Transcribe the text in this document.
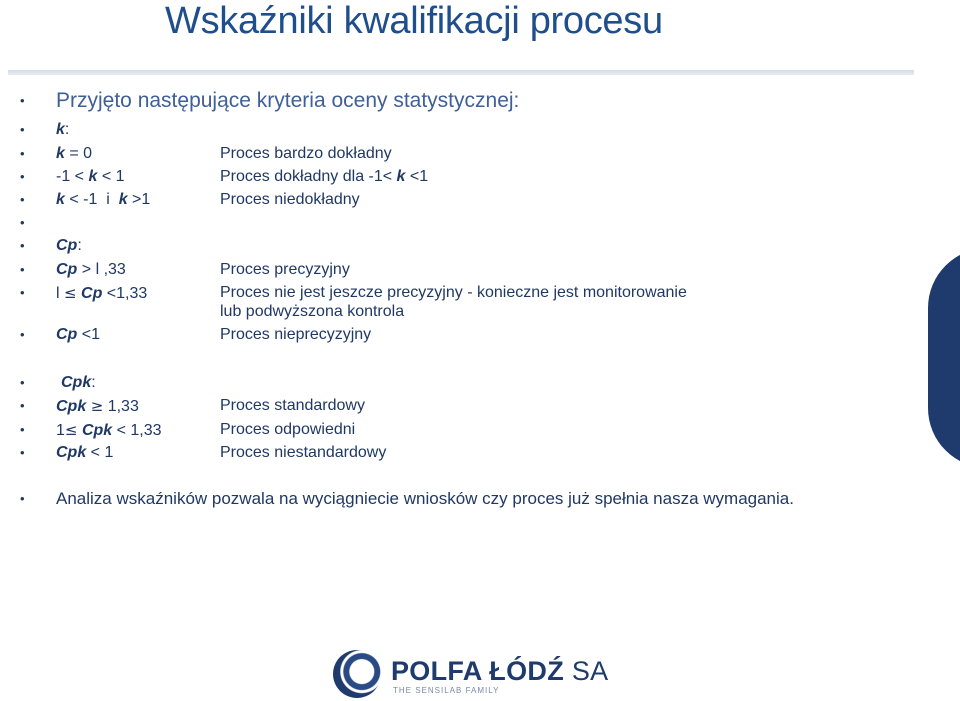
Wskaźniki kwalifikacji procesu
• Przyjęto następujące kryteria oceny statystycznej:
• k:
• k = 0	Proces bardzo dokładny
• -1 < k < 1	Proces dokładny dla -1< k <1
• k < -1  i  k >1	Proces niedokładny
•
• Cp:
• Cp > l ,33	Proces precyzyjny
• l ≤ Cp <1,33	Proces nie jest jeszcze precyzyjny - konieczne jest monitorowanie
lub podwyższona kontrola
• Cp <1	Proces nieprecyzyjny
• Cpk:
• Cpk ≥ 1,33	Proces standardowy
• 1≤ Cpk < 1,33	Proces odpowiedni
• Cpk < 1	Proces niestandardowy
• Analiza wskaźników pozwala na wyciągniecie wniosków czy proces już spełnia nasza wymagania.
POLFA ŁÓDŹ SA
THE SENSILAB FAMILY
